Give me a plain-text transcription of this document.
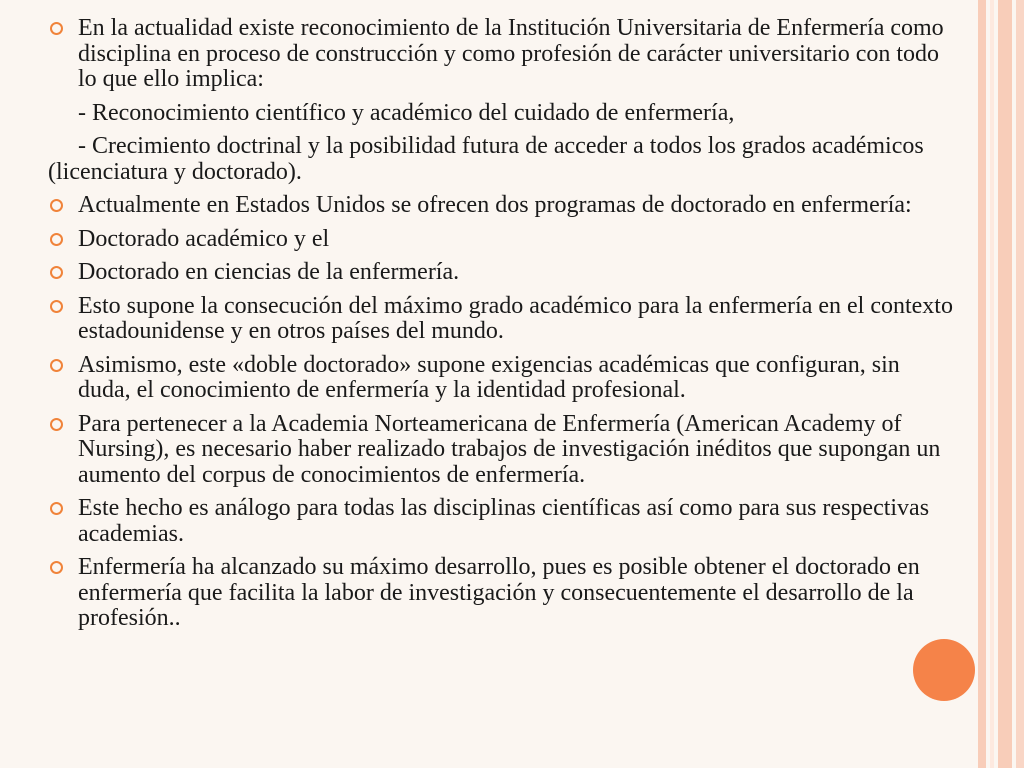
En la actualidad existe reconocimiento de la Institución Universitaria de Enfermería como disciplina en proceso de construcción y como profesión de carácter universitario con todo lo que ello implica:
- Reconocimiento científico y académico del cuidado de enfermería,
- Crecimiento doctrinal y la posibilidad futura de acceder a todos los grados académicos (licenciatura y doctorado).
Actualmente en Estados Unidos se ofrecen dos programas de doctorado en enfermería:
Doctorado académico y el
Doctorado en ciencias de la enfermería.
Esto supone la consecución del máximo grado académico para la enfermería en el contexto estadounidense y en otros países del mundo.
Asimismo, este «doble doctorado» supone exigencias académicas que configuran, sin duda, el conocimiento de enfermería y la identidad profesional.
Para pertenecer a la Academia Norteamericana de Enfermería (American Academy of Nursing), es necesario haber realizado trabajos de investigación inéditos que supongan un aumento del corpus de conocimientos de enfermería.
Este hecho es análogo para todas las disciplinas científicas así como para sus respectivas academias.
Enfermería ha alcanzado su máximo desarrollo, pues es posible obtener el doctorado en enfermería que facilita la labor de investigación y consecuentemente el desarrollo de la profesión..
